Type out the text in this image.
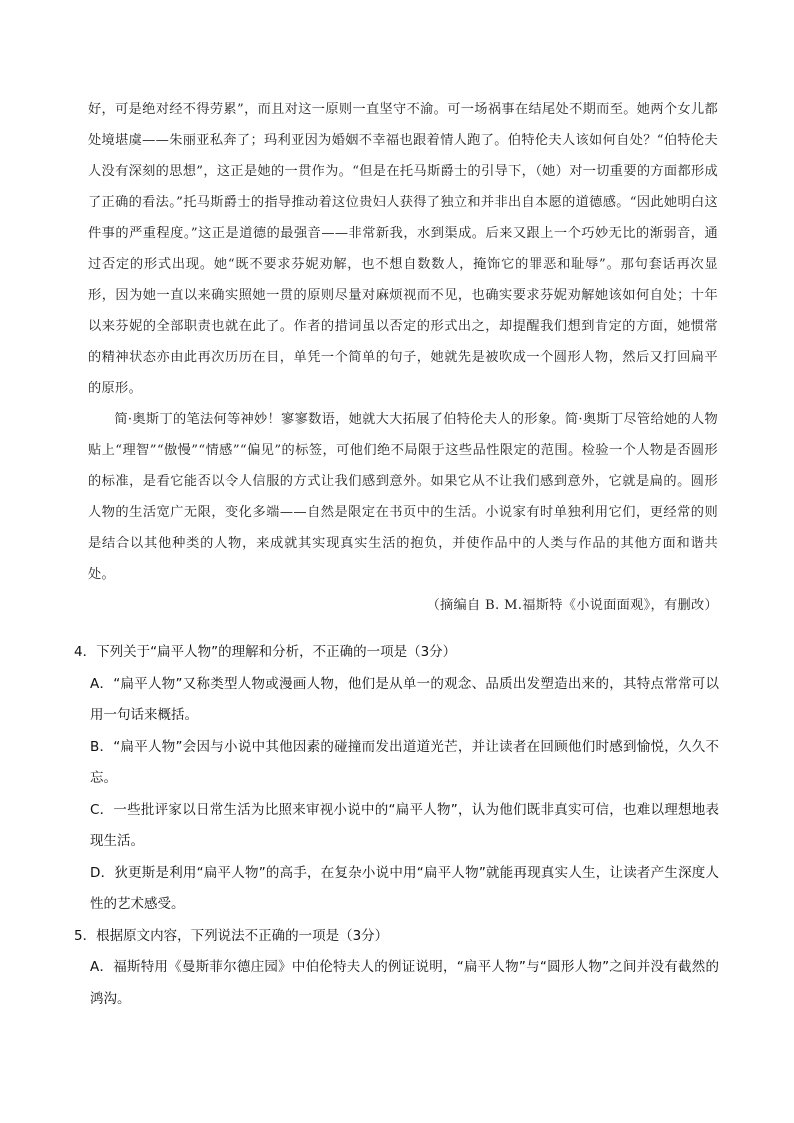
好，可是绝对经不得劳累”，而且对这一原则一直坚守不渝。可一场祸事在结尾处不期而至。她两个女儿都处境堪虞——朱丽亚私奔了；玛利亚因为婚姻不幸福也跟着情人跑了。伯特伦夫人该如何自处？“伯特伦夫人没有深刻的思想”，这正是她的一贯作为。“但是在托马斯爵士的引导下，（她）对一切重要的方面都形成了正确的看法。”托马斯爵士的指导推动着这位贵妇人获得了独立和并非出自本愿的道德感。“因此她明白这件事的严重程度。”这正是道德的最强音——非常新我，水到渠成。后来又跟上一个巧妙无比的渐弱音，通过否定的形式出现。她“既不要求芬妮劝解，也不想自数数人，掩饰它的罪恶和耻辱”。那句套话再次显形，因为她一直以来确实照她一贯的原则尽量对麻烦视而不见，也确实要求芬妮劝解她该如何自处；十年以来芬妮的全部职责也就在此了。作者的措词虽以否定的形式出之，却提醒我们想到肯定的方面，她惯常的精神状态亦由此再次历历在目，单凭一个简单的句子，她就先是被吹成一个圆形人物，然后又打回扁平的原形。

简·奥斯丁的笔法何等神妙！寥寥数语，她就大大拓展了伯特伦夫人的形象。简·奥斯丁尽管给她的人物贴上“理智”“傲慢”“情感”“偏见”的标签，可他们绝不局限于这些品性限定的范围。检验一个人物是否圆形的标准，是看它能否以令人信服的方式让我们感到意外。如果它从不让我们感到意外，它就是扁的。圆形人物的生活宽广无限，变化多端——自然是限定在书页中的生活。小说家有时单独利用它们，更经常的则是结合以其他种类的人物，来成就其实现真实生活的抱负，并使作品中的人类与作品的其他方面和谐共处。

（摘编自 B. M.福斯特《小说面面观》，有删改）

4．下列关于“扁平人物”的理解和分析，不正确的一项是（3分）

A．“扁平人物”又称类型人物或漫画人物，他们是从单一的观念、品质出发塑造出来的，其特点常常可以用一句话来概括。

B．“扁平人物”会因与小说中其他因素的碰撞而发出道道光芒，并让读者在回顾他们时感到愉悦，久久不忘。

C．一些批评家以日常生活为比照来审视小说中的“扁平人物”，认为他们既非真实可信，也难以理想地表现生活。

D．狄更斯是利用“扁平人物”的高手，在复杂小说中用“扁平人物”就能再现真实人生，让读者产生深度人性的艺术感受。

5．根据原文内容，下列说法不正确的一项是（3分）

A．福斯特用《曼斯菲尔德庄园》中伯伦特夫人的例证说明，“扁平人物”与“圆形人物”之间并没有截然的鸿沟。
